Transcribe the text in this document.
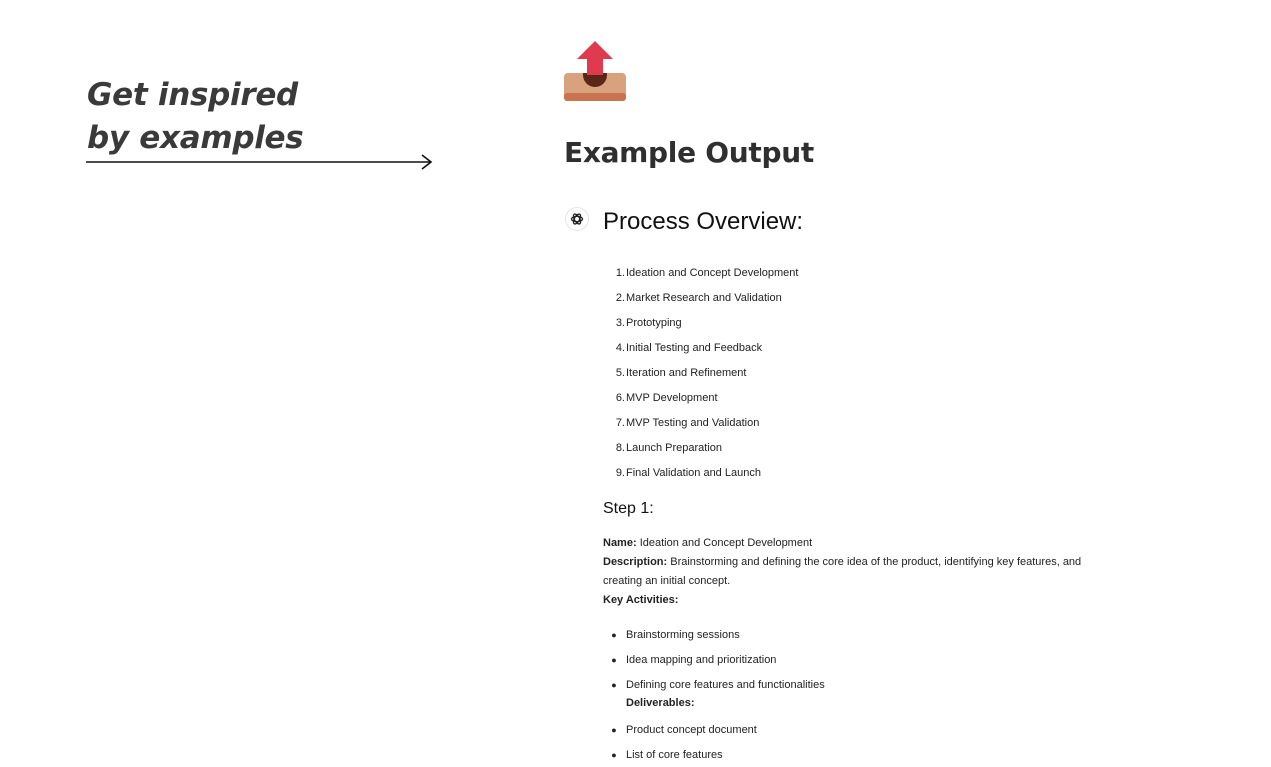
Get inspired
by examples	Example Output
Process Overview:
1. Ideation and Concept Development
2. Market Research and Validation
3. Prototyping
4. Initial Testing and Feedback
5. Iteration and Refinement
6. MVP Development
7. MVP Testing and Validation
8. Launch Preparation
9. Final Validation and Launch
Step 1:

Name: Ideation and Concept Development

Description: Brainstorming and defining the core idea of the product, identifying key features, and creating an initial concept.

Key Activities:

● Brainstorming sessions
● Idea mapping and prioritization
● Defining core features and functionalities
Deliverables:
● Product concept document
● List of core features
